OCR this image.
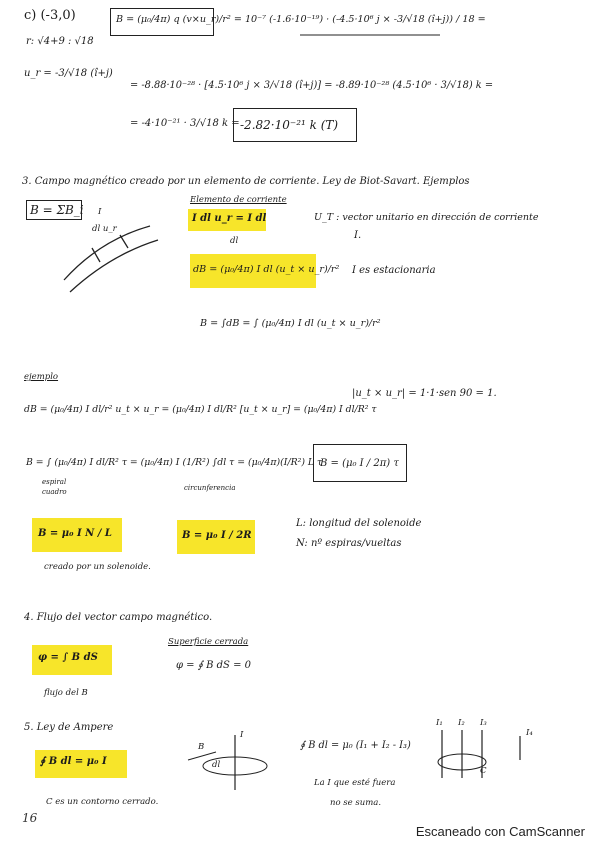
c) (-3,0)
r: √4+9 : √18
B = (μ₀/4π) q (v×u_r)/r² = 10⁻⁷ (-1.6·10⁻¹⁹) · (-4.5·10⁶ j × -3/√18 (î+j)) / 18 =
u_r = -3/√18 (î+j)
= -8.88·10⁻²⁸ · [4.5·10⁶ j × 3/√18 (î+j)] = -8.89·10⁻²⁸ (4.5·10⁶ · 3/√18) k =
= -4·10⁻²¹ · 3/√18 k = -2.82·10⁻²¹ k (T)
3. Campo magnético creado por un elemento de corriente. Ley de Biot-Savart. Ejemplos
B = ΣB_i I
dl u_r
Elemento de corriente
I dl u_r = I dl
dl
U_T : vector unitario en dirección de corriente
I.
dB = (μ₀/4π) I dl (u_t × u_r)/r² I es estacionaria
B = ∫dB = ∫ (μ₀/4π) I dl (u_t × u_r)/r²
ejemplo
|u_t × u_r| = 1·1·sen 90 = 1.
dB = (μ₀/4π) I dl/r² u_t × u_r = (μ₀/4π) I dl/R² [u_t × u_r] = (μ₀/4π) I dl/R² τ
B = ∫ (μ₀/4π) I dl/R² τ = (μ₀/4π) I (1/R²) ∫dl τ = (μ₀/4π)(I/R²) L τ
espiral
cuadro	circunferencia
B = (μ₀ I / 2π) τ
B = μ₀ I N / L
creado por un solenoide.
B = μ₀ I / 2R
L: longitud del solenoide
N: nº espiras/vueltas
4. Flujo del vector campo magnético.
φ = ∫ B dS
flujo del B
Superficie cerrada
φ = ∮ B dS = 0
5. Ley de Ampere
∮ B dl = μ₀ I
C es un contorno cerrado.
B
dl
I
∮ B dl = μ₀ (I₁ + I₂ - I₃)
La I que esté fuera
no se suma.
I₁ I₂ I₃
I₄
C
16
Escaneado con CamScanner
